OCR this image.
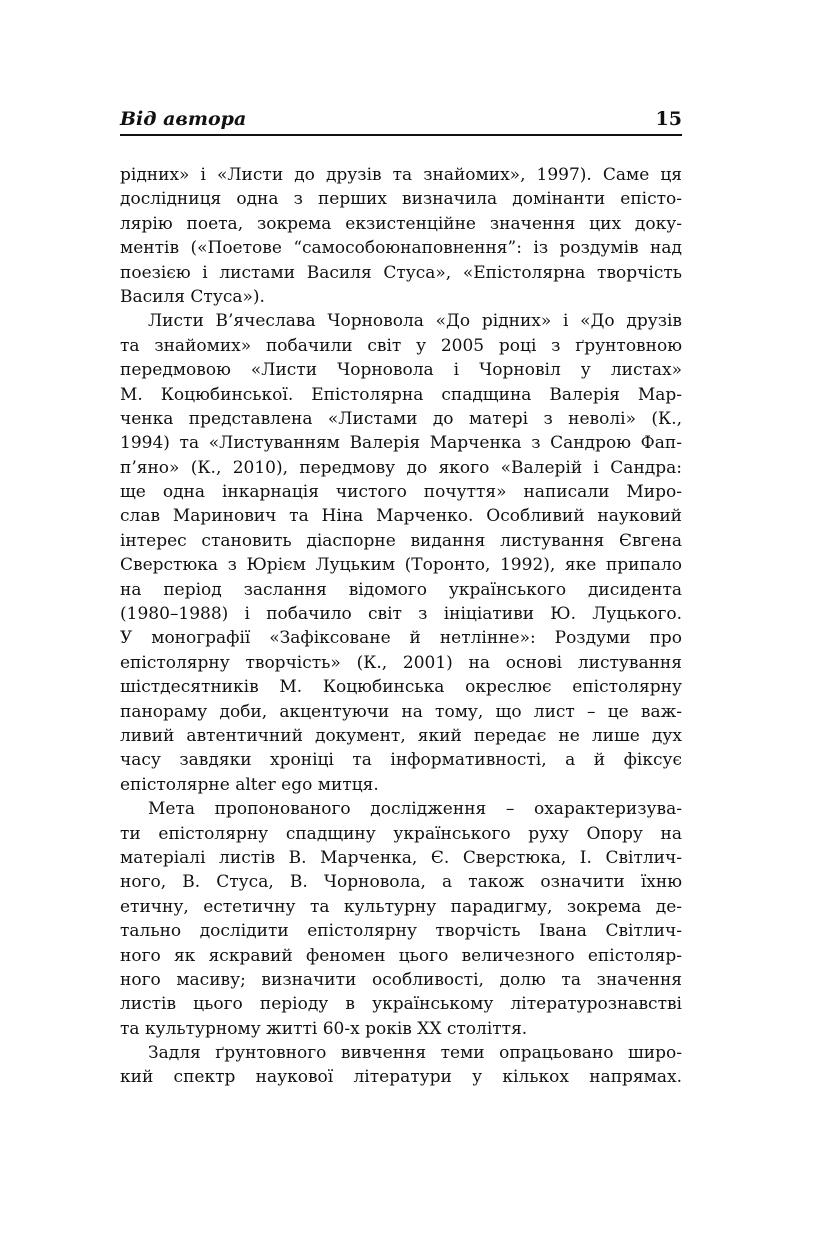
Від автора	15
рідних» і «Листи до друзів та знайомих», 1997). Саме ця
дослідниця одна з перших визначила домінанти епісто-
лярію поета, зокрема екзистенційне значення цих доку-
ментів («Поетове “самособоюнаповнення”: із роздумів над
поезією і листами Василя Стуса», «Епістолярна творчість
Василя Стуса»).
Листи В’ячеслава Чорновола «До рідних» і «До друзів
та знайомих» побачили світ у 2005 році з ґрунтовною
передмовою «Листи Чорновола і Чорновіл у листах»
М. Коцюбинської. Епістолярна спадщина Валерія Мар-
ченка представлена «Листами до матері з неволі» (К.,
1994) та «Листуванням Валерія Марченка з Сандрою Фап-
п’яно» (К., 2010), передмову до якого «Валерій і Сандра:
ще одна інкарнація чистого почуття» написали Миро-
слав Маринович та Ніна Марченко. Особливий науковий
інтерес становить діаспорне видання листування Євгена
Сверстюка з Юрієм Луцьким (Торонто, 1992), яке припало
на період заслання відомого українського дисидента
(1980–1988) і побачило світ з ініціативи Ю. Луцького.
У монографії «Зафіксоване й нетлінне»: Роздуми про
епістолярну творчість» (К., 2001) на основі листування
шістдесятників М. Коцюбинська окреслює епістолярну
панораму доби, акцентуючи на тому, що лист – це важ-
ливий автентичний документ, який передає не лише дух
часу завдяки хроніці та інформативності, а й фіксує
епістолярне alter ego митця.
Мета пропонованого дослідження – охарактеризува-
ти епістолярну спадщину українського руху Опору на
матеріалі листів В. Марченка, Є. Сверстюка, І. Світлич-
ного, В. Стуса, В. Чорновола, а також означити їхню
етичну, естетичну та культурну парадигму, зокрема де-
тально дослідити епістолярну творчість Івана Світлич-
ного як яскравий феномен цього величезного епістоляр-
ного масиву; визначити особливості, долю та значення
листів цього періоду в українському літературознавстві
та культурному житті 60-х років ХХ століття.
Задля ґрунтовного вивчення теми опрацьовано широ-
кий спектр наукової літератури у кількох напрямах.
